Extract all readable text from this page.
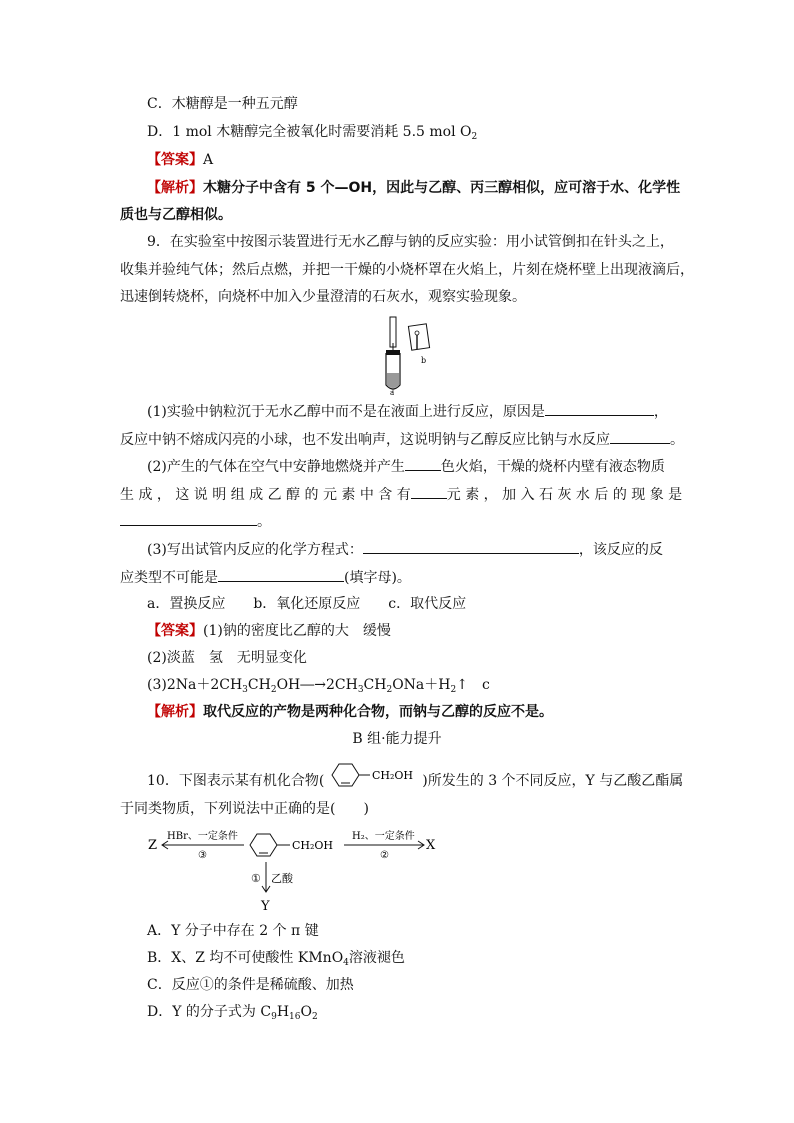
C．木糖醇是一种五元醇
D．1 mol 木糖醇完全被氧化时需要消耗 5.5 mol $O_2$
【答案】A
【解析】木糖分子中含有 5 个—OH，因此与乙醇、丙三醇相似，应可溶于水、化学性
质也与乙醇相似。
9．在实验室中按图示装置进行无水乙醇与钠的反应实验：用小试管倒扣在针头之上，
收集并验纯气体；然后点燃，并把一干燥的小烧杯罩在火焰上，片刻在烧杯壁上出现液滴后，
迅速倒转烧杯，向烧杯中加入少量澄清的石灰水，观察实验现象。
a
b
(1)实验中钠粒沉于无水乙醇中而不是在液面上进行反应，原因是	，
反应中钠不熔成闪亮的小球，也不发出响声，这说明钠与乙醇反应比钠与水反应	。
(2)产生的气体在空气中安静地燃烧并产生	色火焰，干燥的烧杯内壁有液态物质
生 成 ， 这 说 明 组 成 乙 醇 的 元 素 中 含 有	元 素 ， 加 入 石 灰 水 后 的 现 象 是
。
(3)写出试管内反应的化学方程式：	，该反应的反
应类型不可能是	(填字母)。
a．置换反应　　b．氧化还原反应　　c．取代反应
【答案】(1)钠的密度比乙醇的大　缓慢
(2)淡蓝　氢　无明显变化
$(3)2Na+2CH_3CH_2OH―\to 2CH_3CH_2ONa+H_2↑$　c
【解析】取代反应的产物是两种化合物，而钠与乙醇的反应不是。
B 组·能力提升
10．下图表示某有机化合物(	)所发生的 3 个不同反应，Y 与乙酸乙酯属
CH₂OH
于同类物质，下列说法中正确的是(　　)
Z
HBr、一定条件
③
CH₂OH
H₂、一定条件
②
X
① 乙酸
Y
A．Y 分子中存在 2 个 π 键
B．X、Z 均不可使酸性 KMnO$_4$溶液褪色
C．反应①的条件是稀硫酸、加热
D．Y 的分子式为 $C_9H_{16}O_2$
